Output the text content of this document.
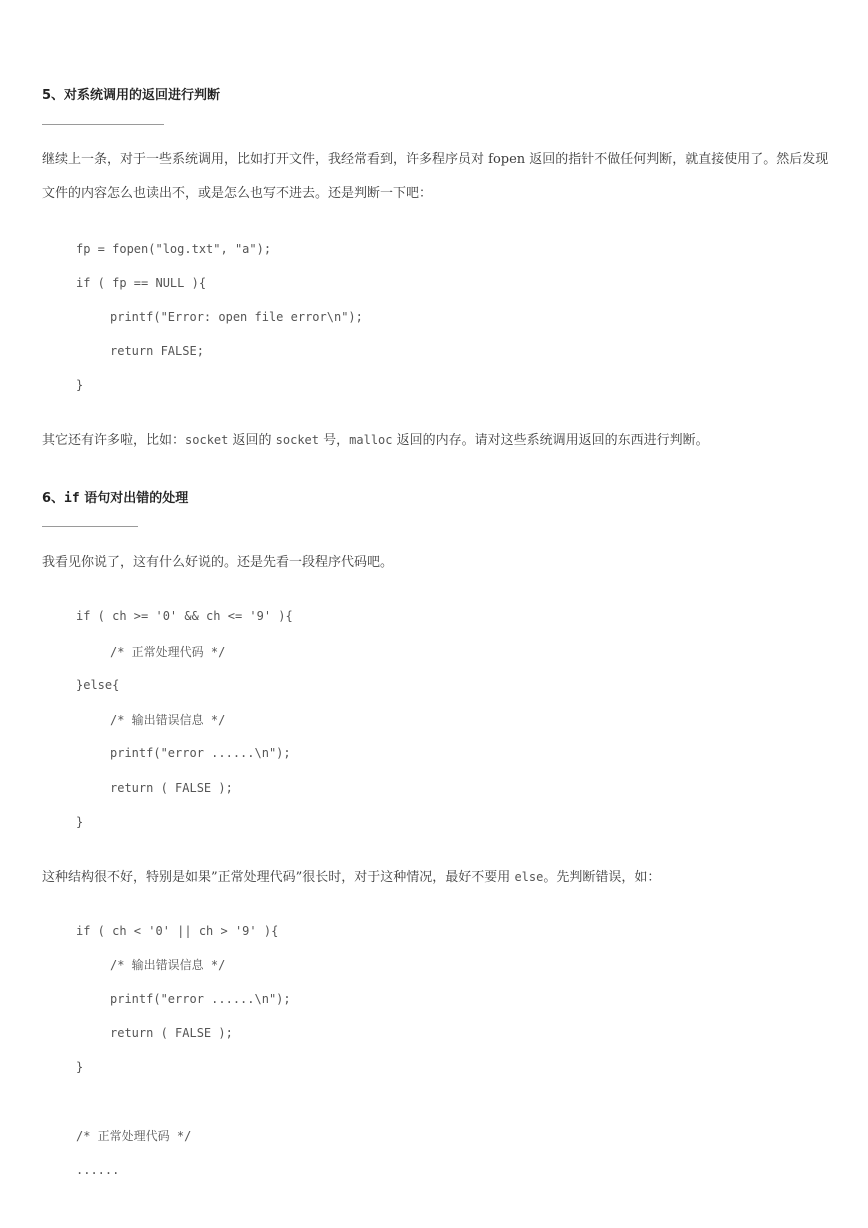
5、对系统调用的返回进行判断
继续上一条，对于一些系统调用，比如打开文件，我经常看到，许多程序员对 fopen 返回的指针不做任何判断，就直接使用了。然后发现文件的内容怎么也读出不，或是怎么也写不进去。还是判断一下吧：
fp = fopen("log.txt", "a");
if ( fp == NULL ){
printf("Error: open file error\n");
return FALSE;
}
其它还有许多啦，比如：socket 返回的 socket 号，malloc 返回的内存。请对这些系统调用返回的东西进行判断。
6、if 语句对出错的处理
我看见你说了，这有什么好说的。还是先看一段程序代码吧。
if ( ch >= '0' && ch <= '9' ){
/* 正常处理代码 */
}else{
/* 输出错误信息 */
printf("error ......\n");
return ( FALSE );
}
这种结构很不好，特别是如果”正常处理代码”很长时，对于这种情况，最好不要用 else。先判断错误，如：
if ( ch < '0' || ch > '9' ){
/* 输出错误信息 */
printf("error ......\n");
return ( FALSE );
}
/* 正常处理代码 */
......
